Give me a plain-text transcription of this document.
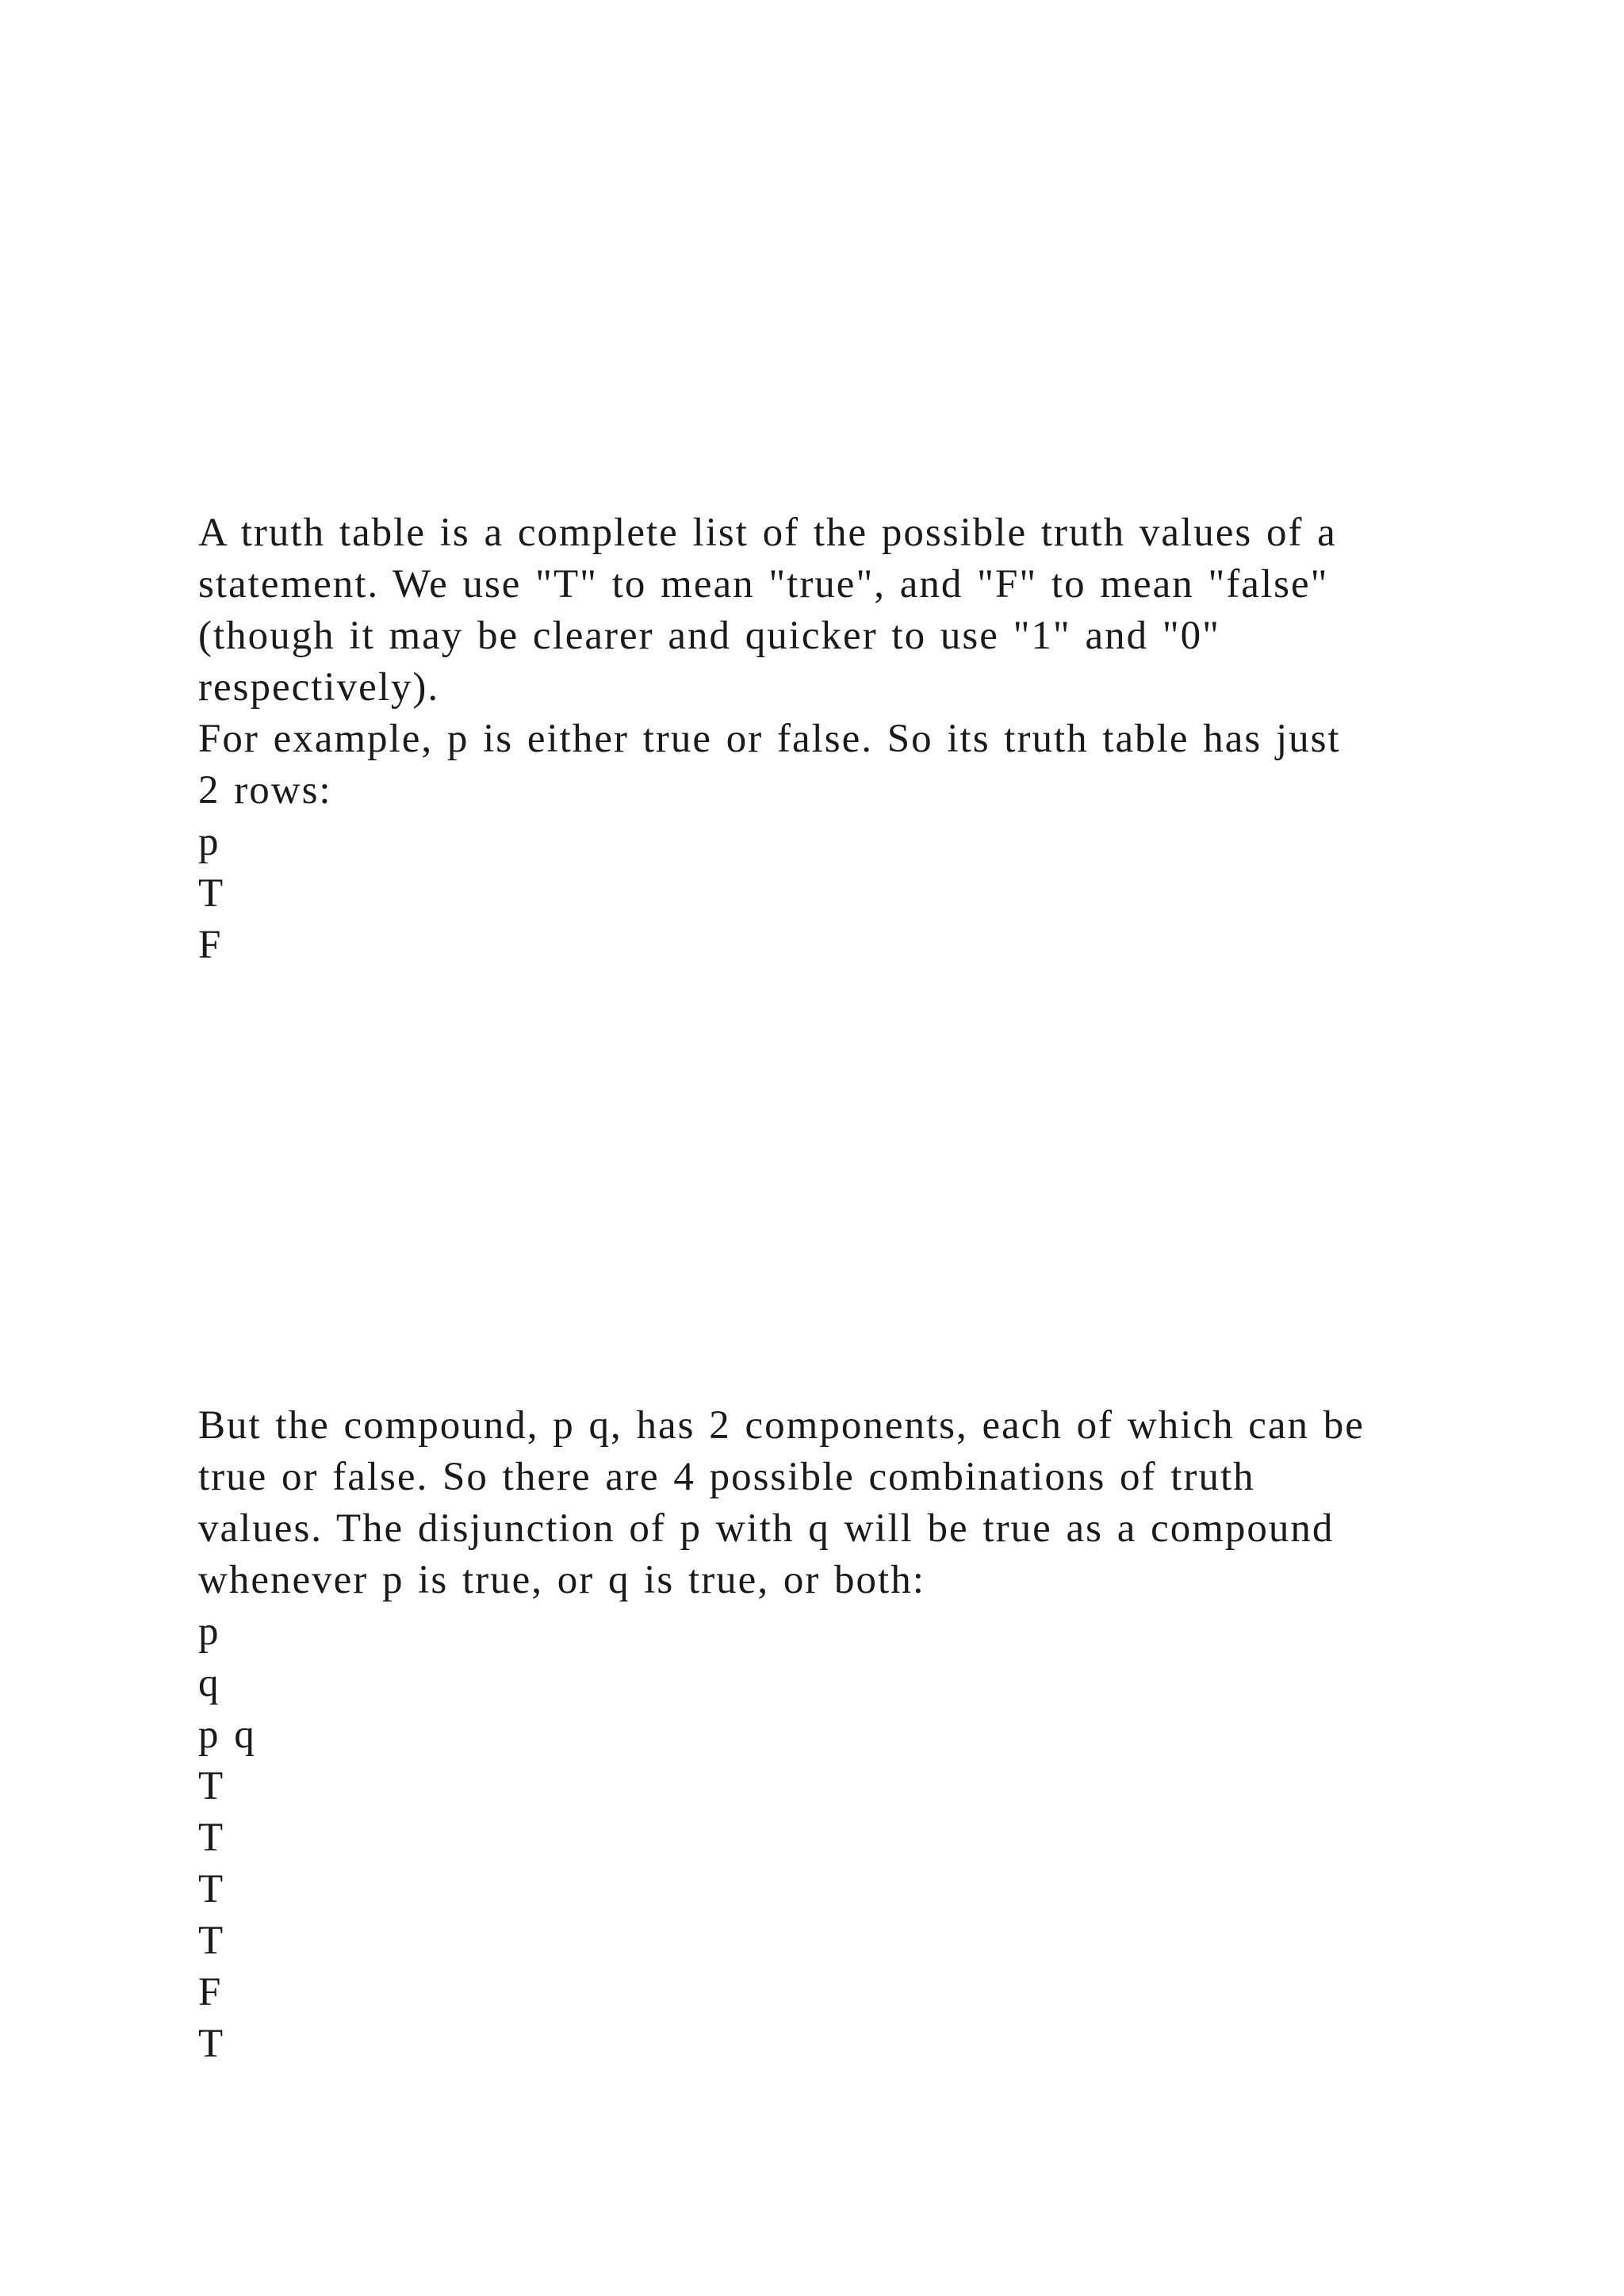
A truth table is a complete list of the possible truth values of a
statement. We use "T" to mean "true", and "F" to mean "false"
(though it may be clearer and quicker to use "1" and "0"
respectively).
For example, p is either true or false. So its truth table has just
2 rows:
p
T
F
But the compound, p q, has 2 components, each of which can be
true or false. So there are 4 possible combinations of truth
values. The disjunction of p with q will be true as a compound
whenever p is true, or q is true, or both:
p
q
p q
T
T
T
T
F
T
